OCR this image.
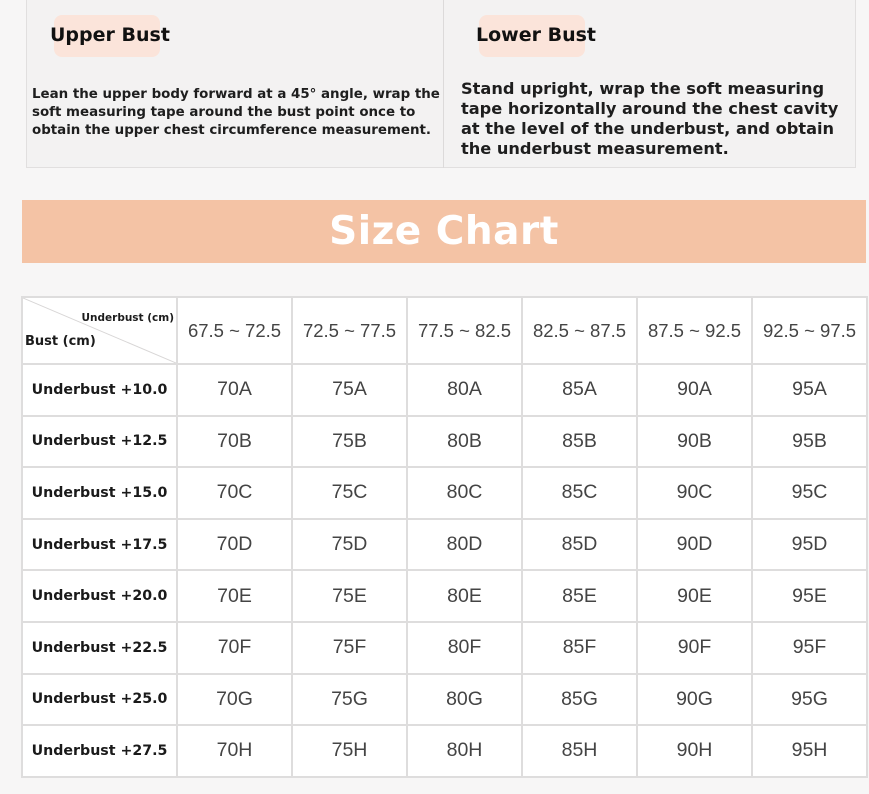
Upper Bust
Lean the upper body forward at a 45° angle, wrap the soft measuring tape around the bust point once to obtain the upper chest circumference measurement.
Lower Bust
Stand upright, wrap the soft measuring tape horizontally around the chest cavity at the level of the underbust, and obtain the underbust measurement.
Size Chart
Underbust (cm)
Bust (cm)	67.5 ~ 72.5	72.5 ~ 77.5	77.5 ~ 82.5	82.5 ~ 87.5	87.5 ~ 92.5	92.5 ~ 97.5
Underbust +10.0	70A	75A	80A	85A	90A	95A
Underbust +12.5	70B	75B	80B	85B	90B	95B
Underbust +15.0	70C	75C	80C	85C	90C	95C
Underbust +17.5	70D	75D	80D	85D	90D	95D
Underbust +20.0	70E	75E	80E	85E	90E	95E
Underbust +22.5	70F	75F	80F	85F	90F	95F
Underbust +25.0	70G	75G	80G	85G	90G	95G
Underbust +27.5	70H	75H	80H	85H	90H	95H
